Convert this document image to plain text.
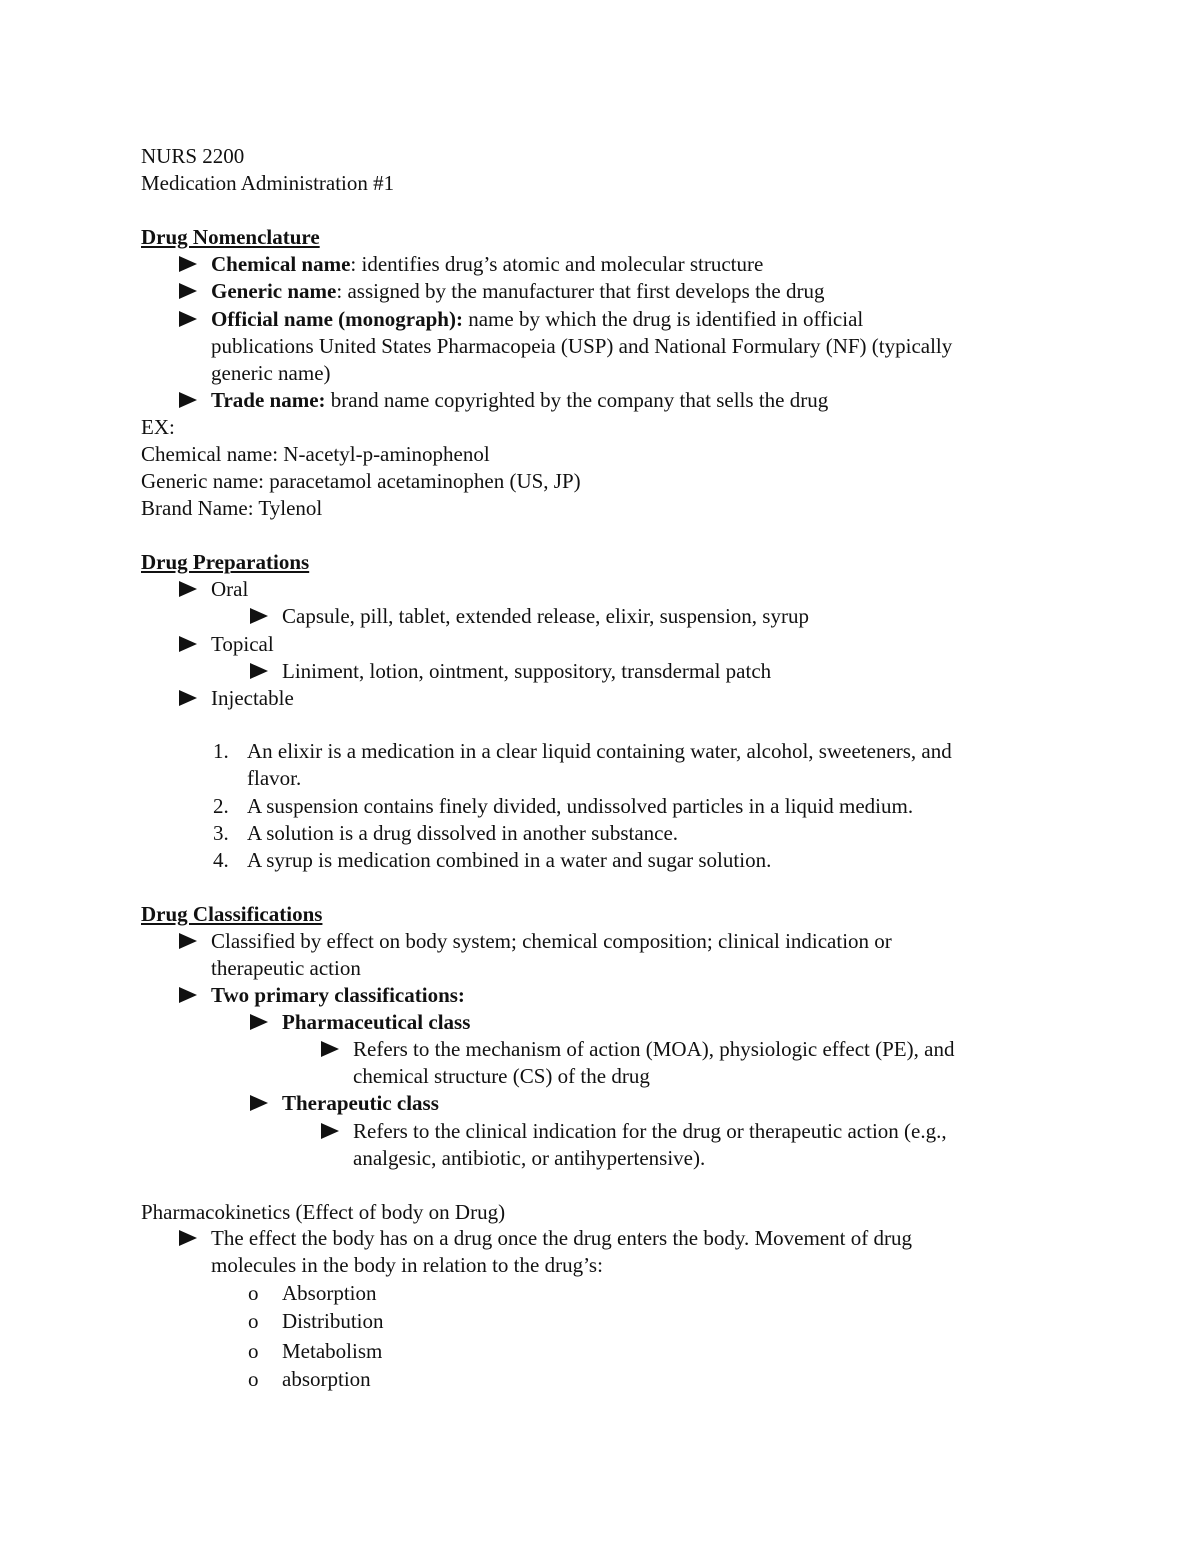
NURS 2200
Medication Administration #1
Drug Nomenclature
Chemical name: identifies drug’s atomic and molecular structure
Generic name: assigned by the manufacturer that first develops the drug
Official name (monograph): name by which the drug is identified in official
publications United States Pharmacopeia (USP) and National Formulary (NF) (typically
generic name)
Trade name: brand name copyrighted by the company that sells the drug
EX:
Chemical name: N-acetyl-p-aminophenol
Generic name: paracetamol acetaminophen (US, JP)
Brand Name: Tylenol
Drug Preparations
Oral
Capsule, pill, tablet, extended release, elixir, suspension, syrup
Topical
Liniment, lotion, ointment, suppository, transdermal patch
Injectable
1. An elixir is a medication in a clear liquid containing water, alcohol, sweeteners, and
flavor.
2. A suspension contains finely divided, undissolved particles in a liquid medium.
3. A solution is a drug dissolved in another substance.
4. A syrup is medication combined in a water and sugar solution.
Drug Classifications
Classified by effect on body system; chemical composition; clinical indication or
therapeutic action
Two primary classifications:
Pharmaceutical class
Refers to the mechanism of action (MOA), physiologic effect (PE), and
chemical structure (CS) of the drug
Therapeutic class
Refers to the clinical indication for the drug or therapeutic action (e.g.,
analgesic, antibiotic, or antihypertensive).
Pharmacokinetics (Effect of body on Drug)
The effect the body has on a drug once the drug enters the body. Movement of drug
molecules in the body in relation to the drug’s:
o Absorption
o Distribution
o Metabolism
o absorption
